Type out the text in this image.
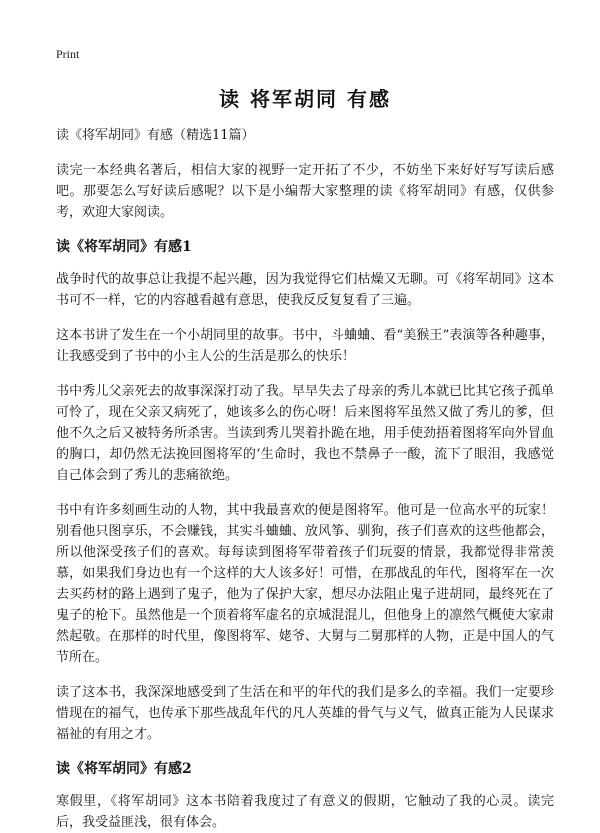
Print
读 将军胡同 有感
读《将军胡同》有感（精选11篇）

读完一本经典名著后，相信大家的视野一定开拓了不少，不妨坐下来好好写写读后感吧。那要怎么写好读后感呢？以下是小编帮大家整理的读《将军胡同》有感，仅供参考，欢迎大家阅读。

读《将军胡同》有感1

战争时代的故事总让我提不起兴趣，因为我觉得它们枯燥又无聊。可《将军胡同》这本书可不一样，它的内容越看越有意思，使我反反复复看了三遍。

这本书讲了发生在一个小胡同里的故事。书中，斗蛐蛐、看“美猴王”表演等各种趣事，让我感受到了书中的小主人公的生活是那么的快乐！

书中秀儿父亲死去的故事深深打动了我。早早失去了母亲的秀儿本就已比其它孩子孤单可怜了，现在父亲又病死了，她该多么的伤心呀！后来图将军虽然又做了秀儿的爹，但他不久之后又被特务所杀害。当读到秀儿哭着扑跪在地，用手使劲捂着图将军向外冒血的胸口，却仍然无法挽回图将军的‘生命时，我也不禁鼻子一酸，流下了眼泪，我感觉自己体会到了秀儿的悲痛欲绝。

书中有许多刻画生动的人物，其中我最喜欢的便是图将军。他可是一位高水平的玩家！别看他只图享乐，不会赚钱，其实斗蛐蛐、放风筝、驯狗，孩子们喜欢的这些他都会，所以他深受孩子们的喜欢。每每读到图将军带着孩子们玩耍的情景，我都觉得非常羡慕，如果我们身边也有一个这样的大人该多好！可惜，在那战乱的年代，图将军在一次去买药材的路上遇到了鬼子，他为了保护大家，想尽办法阻止鬼子进胡同，最终死在了鬼子的枪下。虽然他是一个顶着将军虚名的京城混混儿，但他身上的凛然气概使大家肃然起敬。在那样的时代里，像图将军、姥爷、大舅与二舅那样的人物，正是中国人的气节所在。

读了这本书，我深深地感受到了生活在和平的年代的我们是多么的幸福。我们一定要珍惜现在的福气，也传承下那些战乱年代的凡人英雄的骨气与义气，做真正能为人民谋求福祉的有用之才。

读《将军胡同》有感2

寒假里，《将军胡同》这本书陪着我度过了有意义的假期，它触动了我的心灵。读完后，我受益匪浅，很有体会。
